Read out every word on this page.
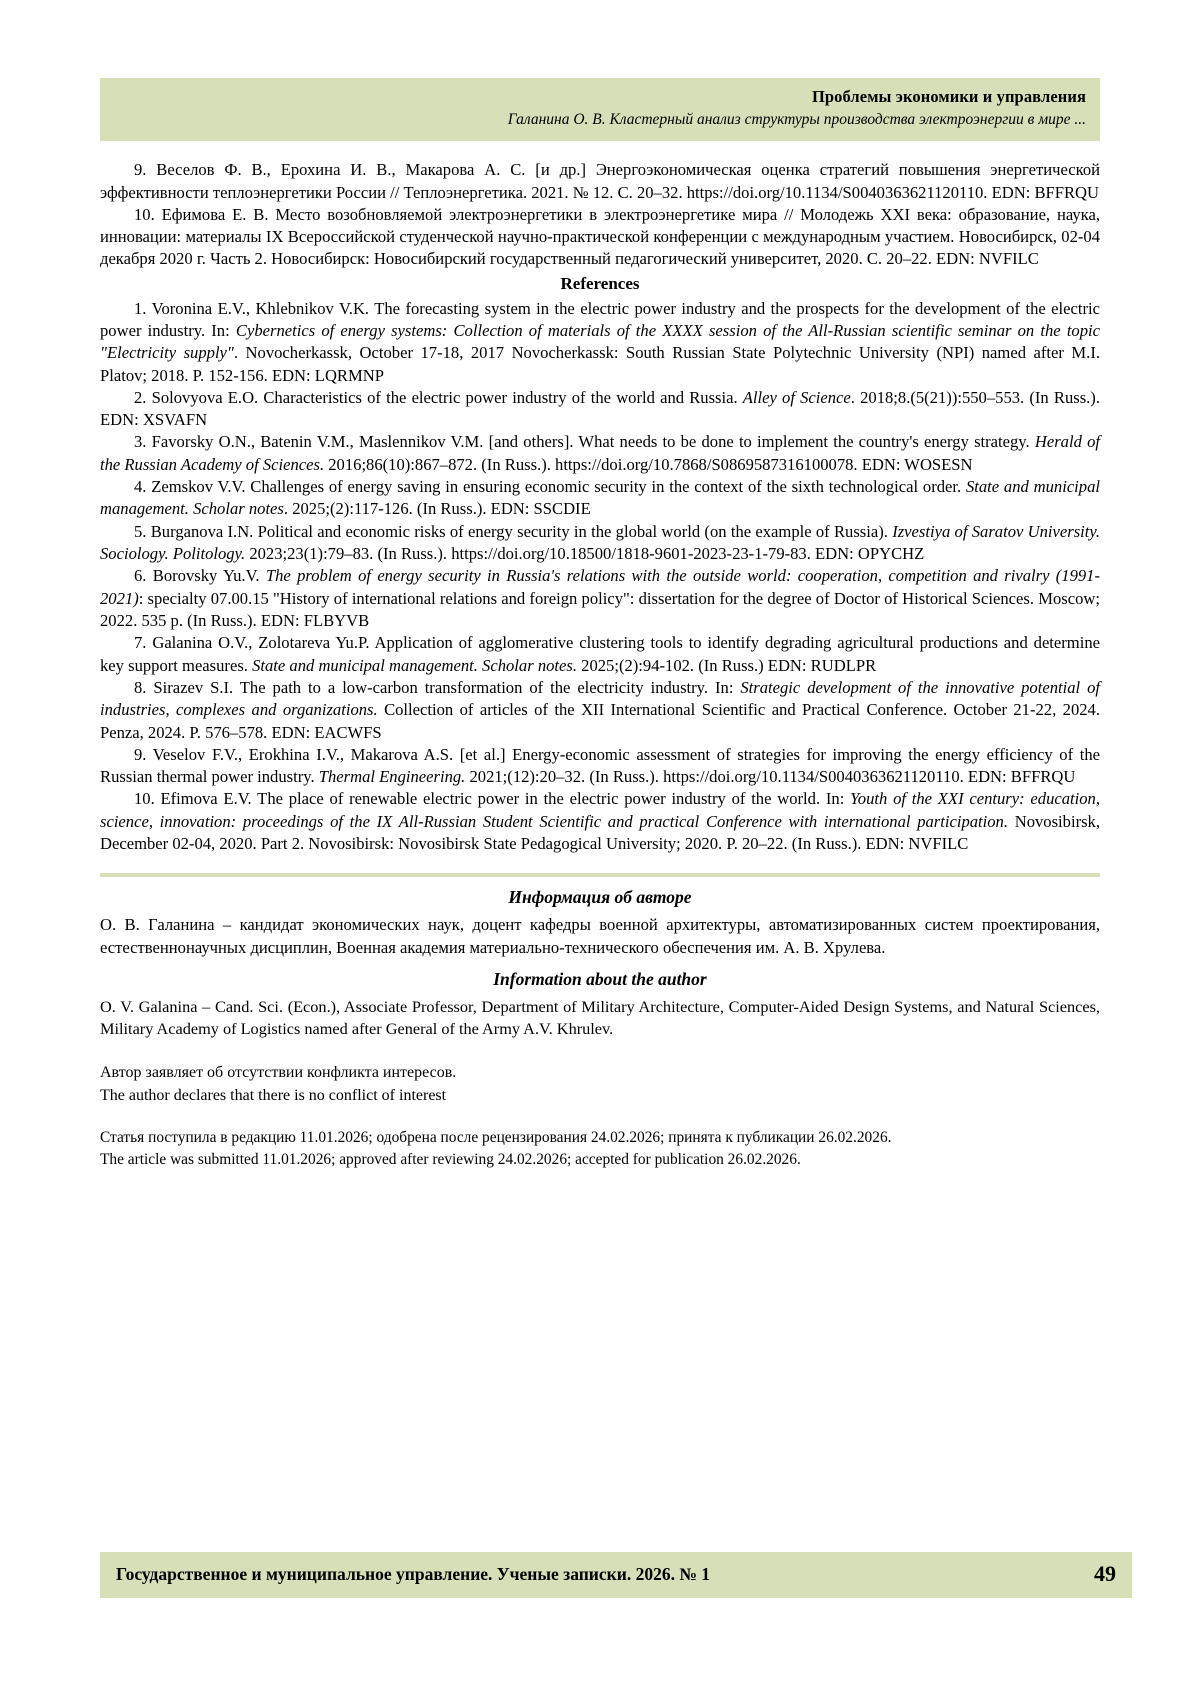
Проблемы экономики и управления
Галанина О. В. Кластерный анализ структуры производства электроэнергии в мире ...

9. Веселов Ф. В., Ерохина И. В., Макарова А. С. [и др.] Энергоэкономическая оценка стратегий повышения энергетической эффективности теплоэнергетики России // Теплоэнергетика. 2021. № 12. С. 20–32. https://doi.org/10.1134/S0040363621120110. EDN: BFFRQU

10. Ефимова Е. В. Место возобновляемой электроэнергетики в электроэнергетике мира // Молодежь XXI века: образование, наука, инновации: материалы IX Всероссийской студенческой научно-практической конференции с международным участием. Новосибирск, 02-04 декабря 2020 г. Часть 2. Новосибирск: Новосибирский государственный педагогический университет, 2020. С. 20–22. EDN: NVFILC

References

1. Voronina E.V., Khlebnikov V.K. The forecasting system in the electric power industry and the prospects for the development of the electric power industry. In: Cybernetics of energy systems: Collection of materials of the XXXX session of the All-Russian scientific seminar on the topic "Electricity supply". Novocherkassk, October 17-18, 2017 Novocherkassk: South Russian State Polytechnic University (NPI) named after M.I. Platov; 2018. P. 152-156. EDN: LQRMNP

2. Solovyova E.O. Characteristics of the electric power industry of the world and Russia. Alley of Science. 2018;8.(5(21)):550–553. (In Russ.). EDN: XSVAFN

3. Favorsky O.N., Batenin V.M., Maslennikov V.M. [and others]. What needs to be done to implement the country's energy strategy. Herald of the Russian Academy of Sciences. 2016;86(10):867–872. (In Russ.). https://doi.org/10.7868/S0869587316100078. EDN: WOSESN

4. Zemskov V.V. Challenges of energy saving in ensuring economic security in the context of the sixth technological order. State and municipal management. Scholar notes. 2025;(2):117-126. (In Russ.). EDN: SSCDIE

5. Burganova I.N. Political and economic risks of energy security in the global world (on the example of Russia). Izvestiya of Saratov University. Sociology. Politology. 2023;23(1):79–83. (In Russ.). https://doi.org/10.18500/1818-9601-2023-23-1-79-83. EDN: OPYCHZ

6. Borovsky Yu.V. The problem of energy security in Russia's relations with the outside world: cooperation, competition and rivalry (1991-2021): specialty 07.00.15 "History of international relations and foreign policy": dissertation for the degree of Doctor of Historical Sciences. Moscow; 2022. 535 p. (In Russ.). EDN: FLBYVB

7. Galanina O.V., Zolotareva Yu.P. Application of agglomerative clustering tools to identify degrading agricultural productions and determine key support measures. State and municipal management. Scholar notes. 2025;(2):94-102. (In Russ.) EDN: RUDLPR

8. Sirazev S.I. The path to a low-carbon transformation of the electricity industry. In: Strategic development of the innovative potential of industries, complexes and organizations. Collection of articles of the XII International Scientific and Practical Conference. October 21-22, 2024. Penza, 2024. P. 576–578. EDN: EACWFS

9. Veselov F.V., Erokhina I.V., Makarova A.S. [et al.] Energy-economic assessment of strategies for improving the energy efficiency of the Russian thermal power industry. Thermal Engineering. 2021;(12):20–32. (In Russ.). https://doi.org/10.1134/S0040363621120110. EDN: BFFRQU

10. Efimova E.V. The place of renewable electric power in the electric power industry of the world. In: Youth of the XXI century: education, science, innovation: proceedings of the IX All-Russian Student Scientific and practical Conference with international participation. Novosibirsk, December 02-04, 2020. Part 2. Novosibirsk: Novosibirsk State Pedagogical University; 2020. P. 20–22. (In Russ.). EDN: NVFILC

Информация об авторе
О. В. Галанина – кандидат экономических наук, доцент кафедры военной архитектуры, автоматизированных систем проектирования, естественнонаучных дисциплин, Военная академия материально-технического обеспечения им. А. В. Хрулева.
Information about the author
O. V. Galanina – Cand. Sci. (Econ.), Associate Professor, Department of Military Architecture, Computer-Aided Design Systems, and Natural Sciences, Military Academy of Logistics named after General of the Army A.V. Khrulev.
Автор заявляет об отсутствии конфликта интересов.
The author declares that there is no conflict of interest
Статья поступила в редакцию 11.01.2026; одобрена после рецензирования 24.02.2026; принята к публикации 26.02.2026.
The article was submitted 11.01.2026; approved after reviewing 24.02.2026; accepted for publication 26.02.2026.
Государственное и муниципальное управление. Ученые записки. 2026. № 1	49
